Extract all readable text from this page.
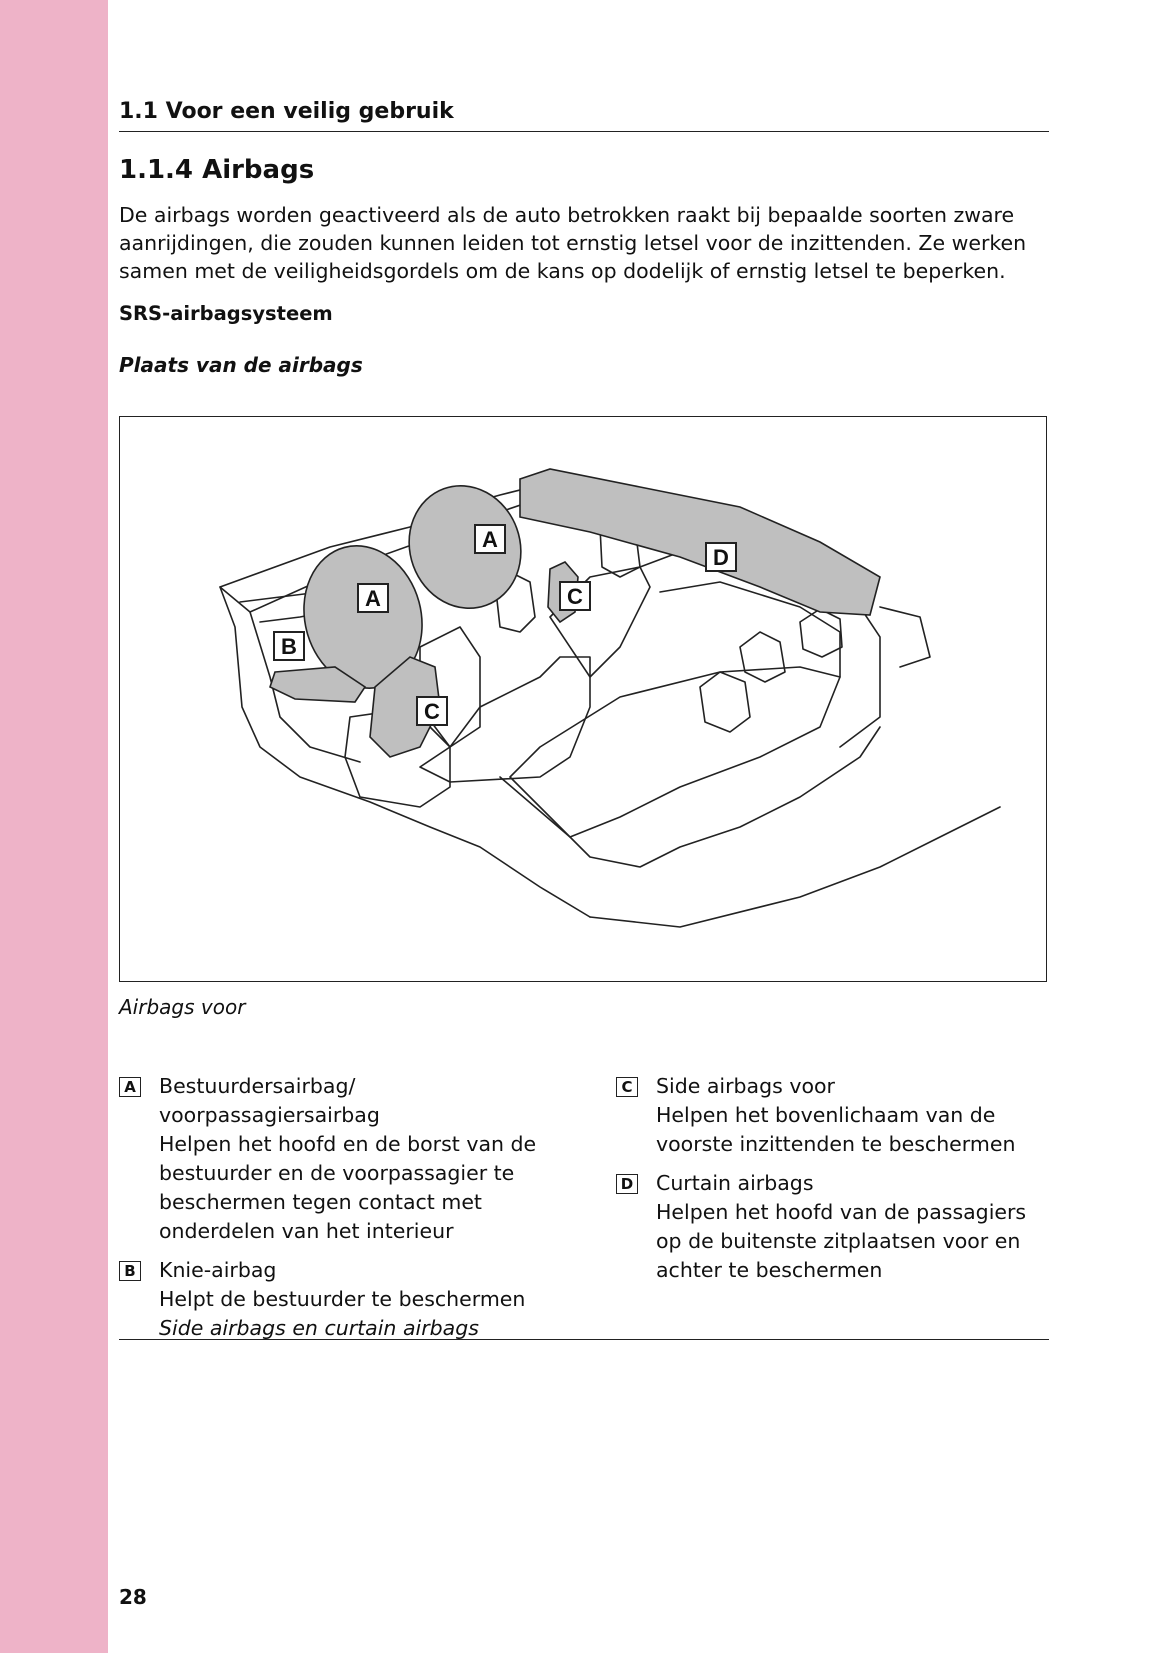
1.1 Voor een veilig gebruik
1.1.4 Airbags
De airbags worden geactiveerd als de auto betrokken raakt bij bepaalde soorten zware
aanrijdingen, die zouden kunnen leiden tot ernstig letsel voor de inzittenden. Ze werken
samen met de veiligheidsgordels om de kans op dodelijk of ernstig letsel te beperken.
SRS-airbagsysteem
Plaats van de airbags
A
A
B
C
C
D
Airbags voor
A Bestuurdersairbag/
voorpassagiersairbag
Helpen het hoofd en de borst van de
bestuurder en de voorpassagier te
beschermen tegen contact met
onderdelen van het interieur
B Knie-airbag
Helpt de bestuurder te beschermen
Side airbags en curtain airbags
C Side airbags voor
Helpen het bovenlichaam van de
voorste inzittenden te beschermen
D Curtain airbags
Helpen het hoofd van de passagiers
op de buitenste zitplaatsen voor en
achter te beschermen
28
